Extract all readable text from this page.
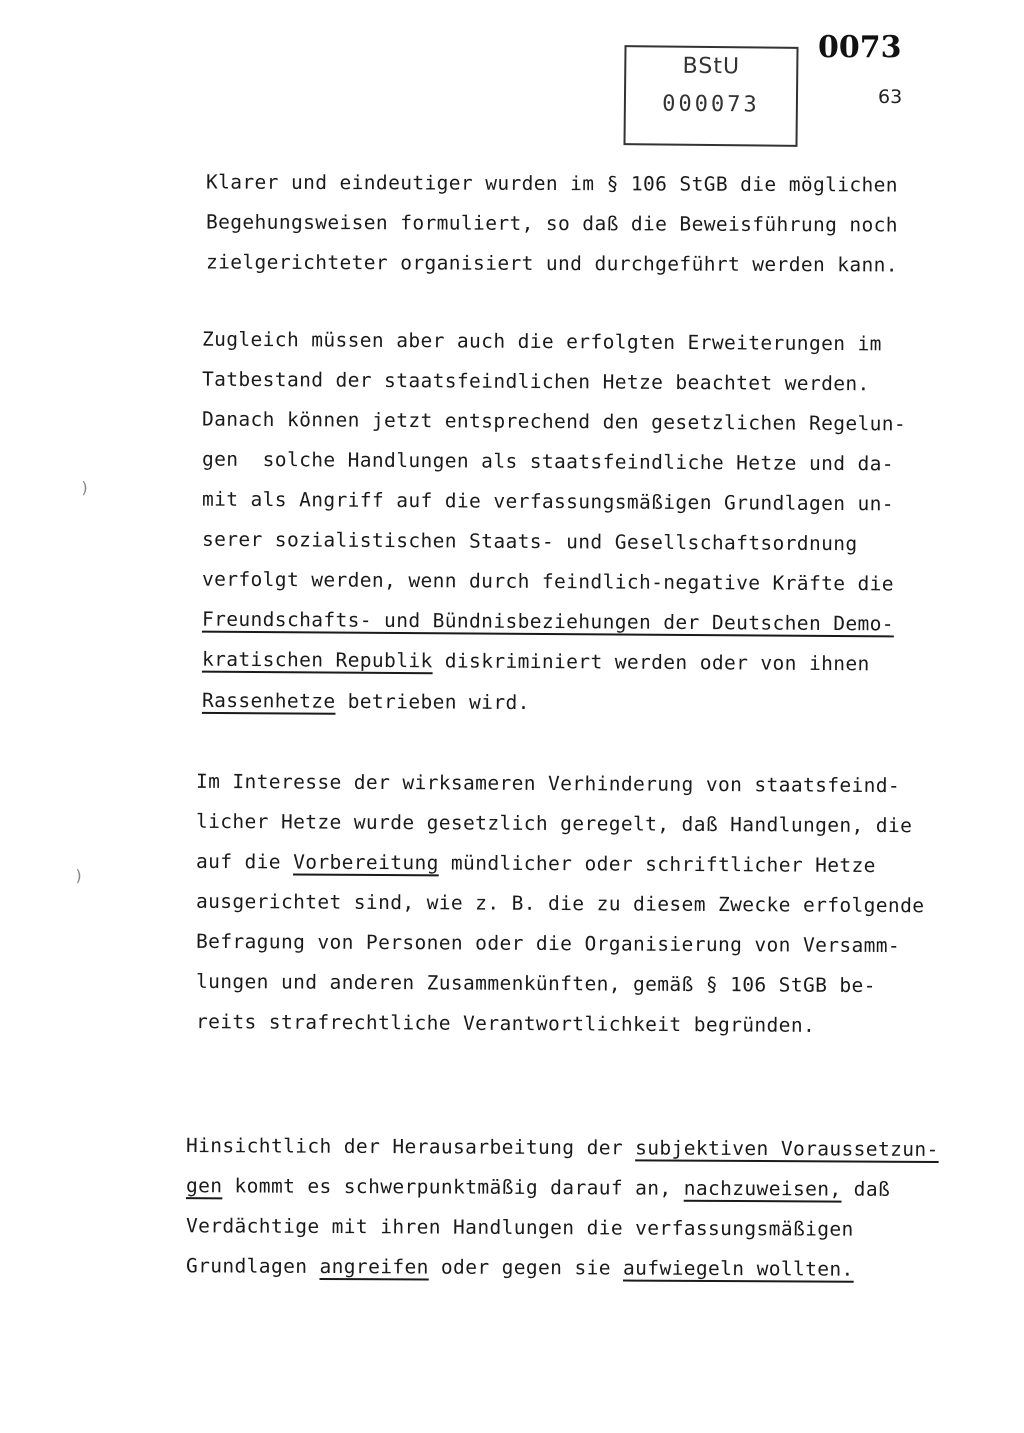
BStU
000073
0073
63
)
)
Klarer und eindeutiger wurden im § 106 StGB die möglichen
Begehungsweisen formuliert, so daß die Beweisführung noch
zielgerichteter organisiert und durchgeführt werden kann.
Zugleich müssen aber auch die erfolgten Erweiterungen im
Tatbestand der staatsfeindlichen Hetze beachtet werden.
Danach können jetzt entsprechend den gesetzlichen Regelun-
gen  solche Handlungen als staatsfeindliche Hetze und da-
mit als Angriff auf die verfassungsmäßigen Grundlagen un-
serer sozialistischen Staats- und Gesellschaftsordnung
verfolgt werden, wenn durch feindlich-negative Kräfte die
Freundschafts- und Bündnisbeziehungen der Deutschen Demo-
kratischen Republik diskriminiert werden oder von ihnen
Rassenhetze betrieben wird.
Im Interesse der wirksameren Verhinderung von staatsfeind-
licher Hetze wurde gesetzlich geregelt, daß Handlungen, die
auf die Vorbereitung mündlicher oder schriftlicher Hetze
ausgerichtet sind, wie z. B. die zu diesem Zwecke erfolgende
Befragung von Personen oder die Organisierung von Versamm-
lungen und anderen Zusammenkünften, gemäß § 106 StGB be-
reits strafrechtliche Verantwortlichkeit begründen.
Hinsichtlich der Herausarbeitung der subjektiven Voraussetzun-
gen kommt es schwerpunktmäßig darauf an, nachzuweisen, daß
Verdächtige mit ihren Handlungen die verfassungsmäßigen
Grundlagen angreifen oder gegen sie aufwiegeln wollten.
